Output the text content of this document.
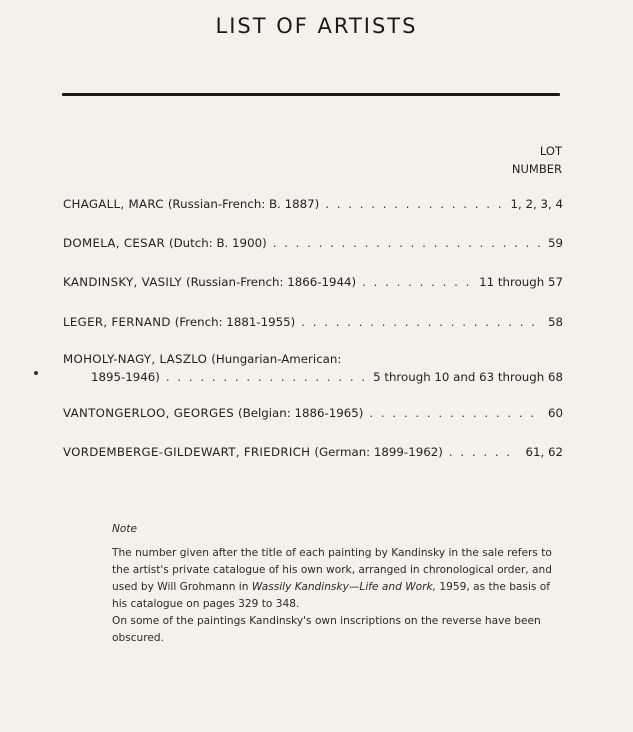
LIST OF ARTISTS
LOT
NUMBER
CHAGALL, MARC (Russian-French: B. 1887) . . .	1, 2, 3, 4
DOMELA, CESAR (Dutch: B. 1900) . . .	59
KANDINSKY, VASILY (Russian-French: 1866-1944) . . .	11 through 57
LEGER, FERNAND (French: 1881-1955) . . .	58
MOHOLY-NAGY, LASZLO (Hungarian-American:
1895-1946) . . .	5 through 10 and 63 through 68
VANTONGERLOO, GEORGES (Belgian: 1886-1965) . . .	60
VORDEMBERGE-GILDEWART, FRIEDRICH (German: 1899-1962) . . .	61, 62
Note

The number given after the title of each painting by Kandinsky in the sale refers to the artist's private catalogue of his own work, arranged in chronological order, and used by Will Grohmann in Wassily Kandinsky—Life and Work, 1959, as the basis of his catalogue on pages 329 to 348.

On some of the paintings Kandinsky's own inscriptions on the reverse have been obscured.
